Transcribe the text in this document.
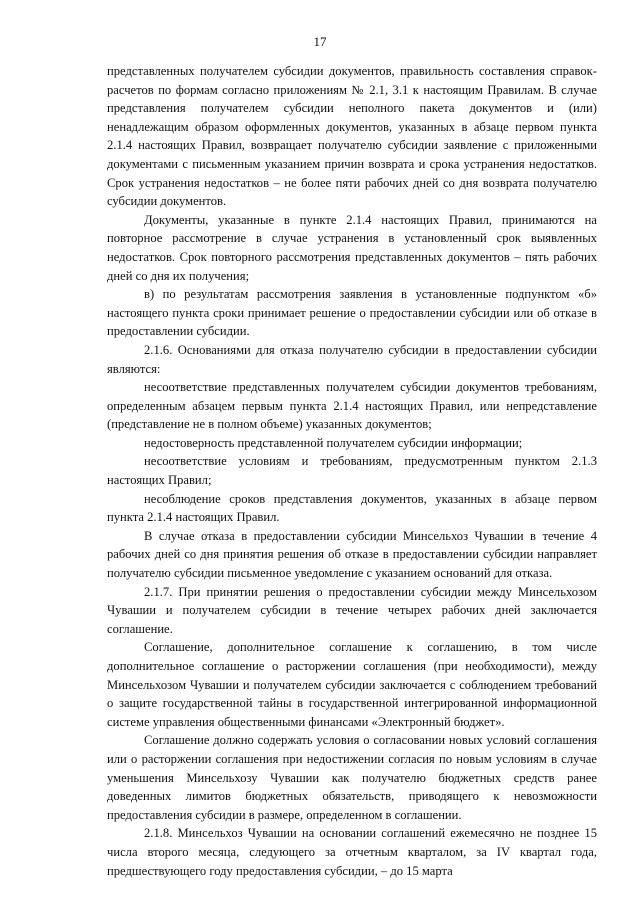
17

представленных получателем субсидии документов, правильность составления справок-расчетов по формам согласно приложениям № 2.1, 3.1 к настоящим Правилам. В случае представления получателем субсидии неполного пакета документов и (или) ненадлежащим образом оформленных документов, указанных в абзаце первом пункта 2.1.4 настоящих Правил, возвращает получателю субсидии заявление с приложенными документами с письменным указанием причин возврата и срока устранения недостатков. Срок устранения недостатков – не более пяти рабочих дней со дня возврата получателю субсидии документов.

Документы, указанные в пункте 2.1.4 настоящих Правил, принимаются на повторное рассмотрение в случае устранения в установленный срок выявленных недостатков. Срок повторного рассмотрения представленных документов – пять рабочих дней со дня их получения;

в) по результатам рассмотрения заявления в установленные подпунктом «б» настоящего пункта сроки принимает решение о предоставлении субсидии или об отказе в предоставлении субсидии.

2.1.6. Основаниями для отказа получателю субсидии в предоставлении субсидии являются:

несоответствие представленных получателем субсидии документов требованиям, определенным абзацем первым пункта 2.1.4 настоящих Правил, или непредставление (представление не в полном объеме) указанных документов;

недостоверность представленной получателем субсидии информации;

несоответствие условиям и требованиям, предусмотренным пунктом 2.1.3 настоящих Правил;

несоблюдение сроков представления документов, указанных в абзаце первом пункта 2.1.4 настоящих Правил.

В случае отказа в предоставлении субсидии Минсельхоз Чувашии в течение 4 рабочих дней со дня принятия решения об отказе в предоставлении субсидии направляет получателю субсидии письменное уведомление с указанием оснований для отказа.

2.1.7. При принятии решения о предоставлении субсидии между Минсельхозом Чувашии и получателем субсидии в течение четырех рабочих дней заключается соглашение.

Соглашение, дополнительное соглашение к соглашению, в том числе дополнительное соглашение о расторжении соглашения (при необходимости), между Минсельхозом Чувашии и получателем субсидии заключается с соблюдением требований о защите государственной тайны в государственной интегрированной информационной системе управления общественными финансами «Электронный бюджет».

Соглашение должно содержать условия о согласовании новых условий соглашения или о расторжении соглашения при недостижении согласия по новым условиям в случае уменьшения Минсельхозу Чувашии как получателю бюджетных средств ранее доведенных лимитов бюджетных обязательств, приводящего к невозможности предоставления субсидии в размере, определенном в соглашении.

2.1.8. Минсельхоз Чувашии на основании соглашений ежемесячно не позднее 15 числа второго месяца, следующего за отчетным кварталом, за IV квартал года, предшествующего году предоставления субсидии, – до 15 марта
